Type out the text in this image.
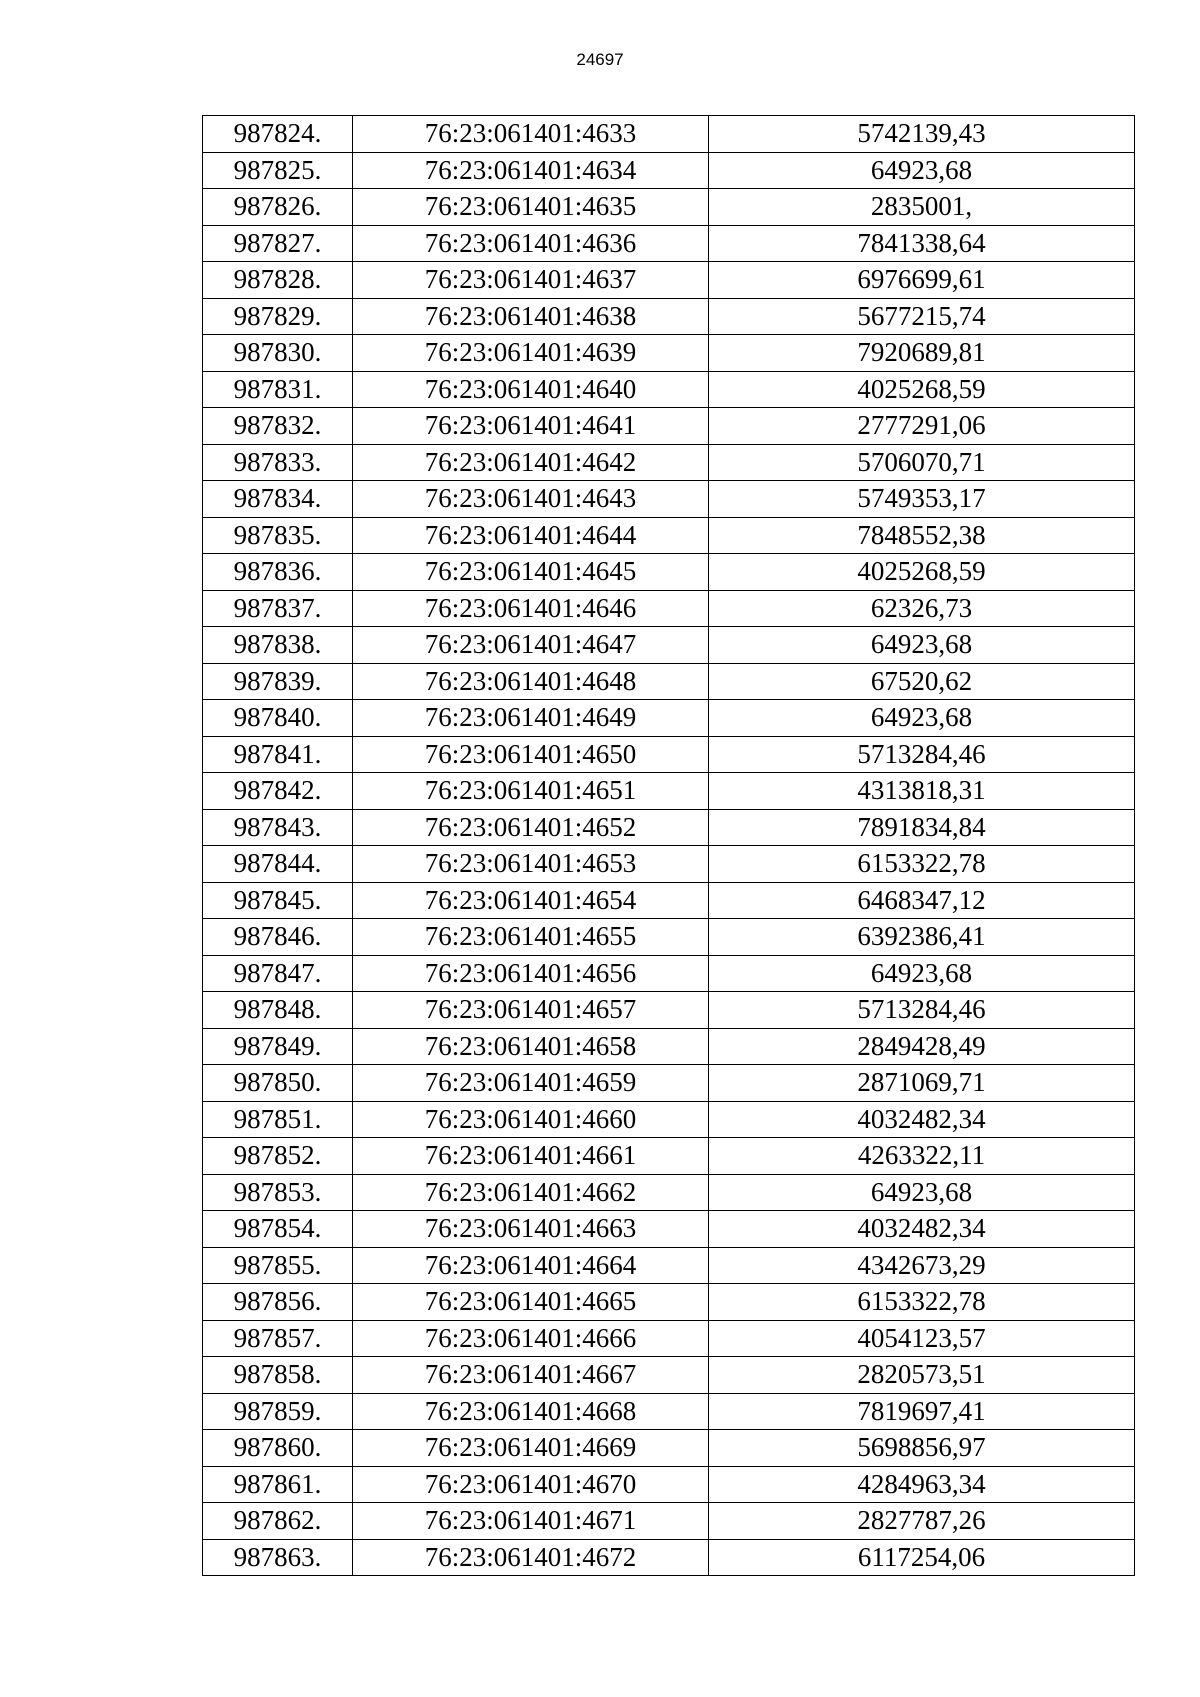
24697
987824.	76:23:061401:4633	5742139,43
987825.	76:23:061401:4634	64923,68
987826.	76:23:061401:4635	2835001,
987827.	76:23:061401:4636	7841338,64
987828.	76:23:061401:4637	6976699,61
987829.	76:23:061401:4638	5677215,74
987830.	76:23:061401:4639	7920689,81
987831.	76:23:061401:4640	4025268,59
987832.	76:23:061401:4641	2777291,06
987833.	76:23:061401:4642	5706070,71
987834.	76:23:061401:4643	5749353,17
987835.	76:23:061401:4644	7848552,38
987836.	76:23:061401:4645	4025268,59
987837.	76:23:061401:4646	62326,73
987838.	76:23:061401:4647	64923,68
987839.	76:23:061401:4648	67520,62
987840.	76:23:061401:4649	64923,68
987841.	76:23:061401:4650	5713284,46
987842.	76:23:061401:4651	4313818,31
987843.	76:23:061401:4652	7891834,84
987844.	76:23:061401:4653	6153322,78
987845.	76:23:061401:4654	6468347,12
987846.	76:23:061401:4655	6392386,41
987847.	76:23:061401:4656	64923,68
987848.	76:23:061401:4657	5713284,46
987849.	76:23:061401:4658	2849428,49
987850.	76:23:061401:4659	2871069,71
987851.	76:23:061401:4660	4032482,34
987852.	76:23:061401:4661	4263322,11
987853.	76:23:061401:4662	64923,68
987854.	76:23:061401:4663	4032482,34
987855.	76:23:061401:4664	4342673,29
987856.	76:23:061401:4665	6153322,78
987857.	76:23:061401:4666	4054123,57
987858.	76:23:061401:4667	2820573,51
987859.	76:23:061401:4668	7819697,41
987860.	76:23:061401:4669	5698856,97
987861.	76:23:061401:4670	4284963,34
987862.	76:23:061401:4671	2827787,26
987863.	76:23:061401:4672	6117254,06
